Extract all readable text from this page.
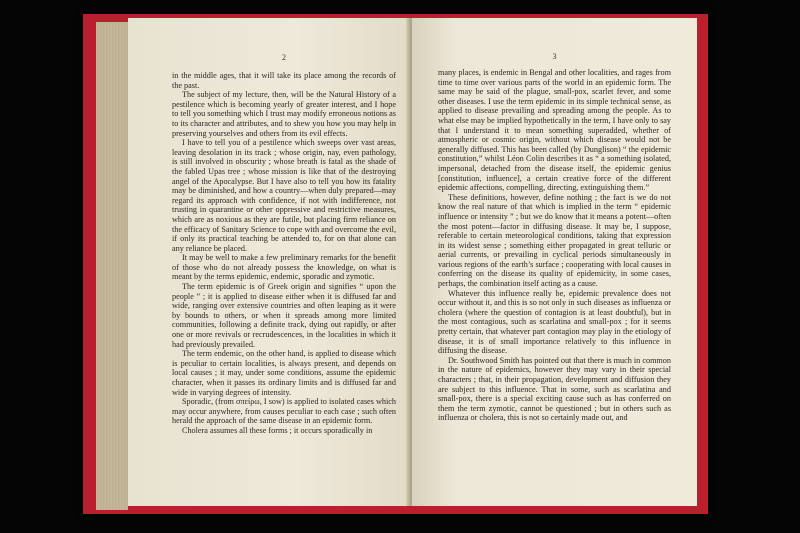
2

in the middle ages, that it will take its place among the records of the past.

The subject of my lecture, then, will be the Natural History of a pestilence which is becoming yearly of greater interest, and I hope to tell you something which I trust may modify erroneous notions as to its character and attributes, and to shew you how you may help in preserving yourselves and others from its evil effects.

I have to tell you of a pestilence which sweeps over vast areas, leaving desolation in its track ; whose origin, nay, even pathology, is still involved in obscurity ; whose breath is fatal as the shade of the fabled Upas tree ; whose mission is like that of the destroying angel of the Apocalypse. But I have also to tell you how its fatality may be diminished, and how a country—when duly prepared—may regard its approach with confidence, if not with indifference, not trusting in quarantine or other oppressive and restrictive measures, which are as noxious as they are futile, but placing firm reliance on the efficacy of Sanitary Science to cope with and overcome the evil, if only its practical teaching be attended to, for on that alone can any reliance be placed.

It may be well to make a few preliminary remarks for the benefit of those who do not already possess the knowledge, on what is meant by the terms epidemic, endemic, sporadic and zymotic.

The term epidemic is of Greek origin and signifies “ upon the people ” ; it is applied to disease either when it is diffused far and wide, ranging over extensive countries and often leaping as it were by bounds to others, or when it spreads among more limited communities, following a definite track, dying out rapidly, or after one or more revivals or recrudescences, in the localities in which it had previously prevailed.

The term endemic, on the other hand, is applied to disease which is peculiar to certain localities, is always present, and depends on local causes ; it may, under some conditions, assume the epidemic character, when it passes its ordinary limits and is diffused far and wide in varying degrees of intensity.

Sporadic, (from σπείρω, I sow) is applied to isolated cases which may occur anywhere, from causes peculiar to each case ; such often herald the approach of the same disease in an epidemic form.

Cholera assumes all these forms ; it occurs sporadically in

3

many places, is endemic in Bengal and other localities, and rages from time to time over various parts of the world in an epidemic form. The same may be said of the plague, small-pox, scarlet fever, and some other diseases. I use the term epidemic in its simple technical sense, as applied to disease prevailing and spreading among the people. As to what else may be implied hypothetically in the term, I have only to say that I understand it to mean something superadded, whether of atmospheric or cosmic origin, without which disease would not be generally diffused. This has been called (by Dunglison) “ the epidemic constitution,” whilst Léon Colin describes it as “ a something isolated, impersonal, detached from the disease itself, the epidemic genius [constitution, influence], a certain creative force of the different epidemic affections, compelling, directing, extinguishing them.”

These definitions, however, define nothing ; the fact is we do not know the real nature of that which is implied in the term “ epidemic influence or intensity ” ; but we do know that it means a potent—often the most potent—factor in diffusing disease. It may be, I suppose, referable to certain meteorological conditions, taking that expression in its widest sense ; something either propagated in great telluric or aerial currents, or prevailing in cyclical periods simultaneously in various regions of the earth’s surface ; cooperating with local causes in conferring on the disease its quality of epidemicity, in some cases, perhaps, the combination itself acting as a cause.

Whatever this influence really be, epidemic prevalence does not occur without it, and this is so not only in such diseases as influenza or cholera (where the question of contagion is at least doubtful), but in the most contagious, such as scarlatina and small-pox ; for it seems pretty certain, that whatever part contagion may play in the etiology of disease, it is of small importance relatively to this influence in diffusing the disease.

Dr. Southwood Smith has pointed out that there is much in common in the nature of epidemics, however they may vary in their special characters ; that, in their propagation, development and diffusion they are subject to this influence. That in some, such as scarlatina and small-pox, there is a special exciting cause such as has conferred on them the term zymotic, cannot be questioned ; but in others such as influenza or cholera, this is not so certainly made out, and
